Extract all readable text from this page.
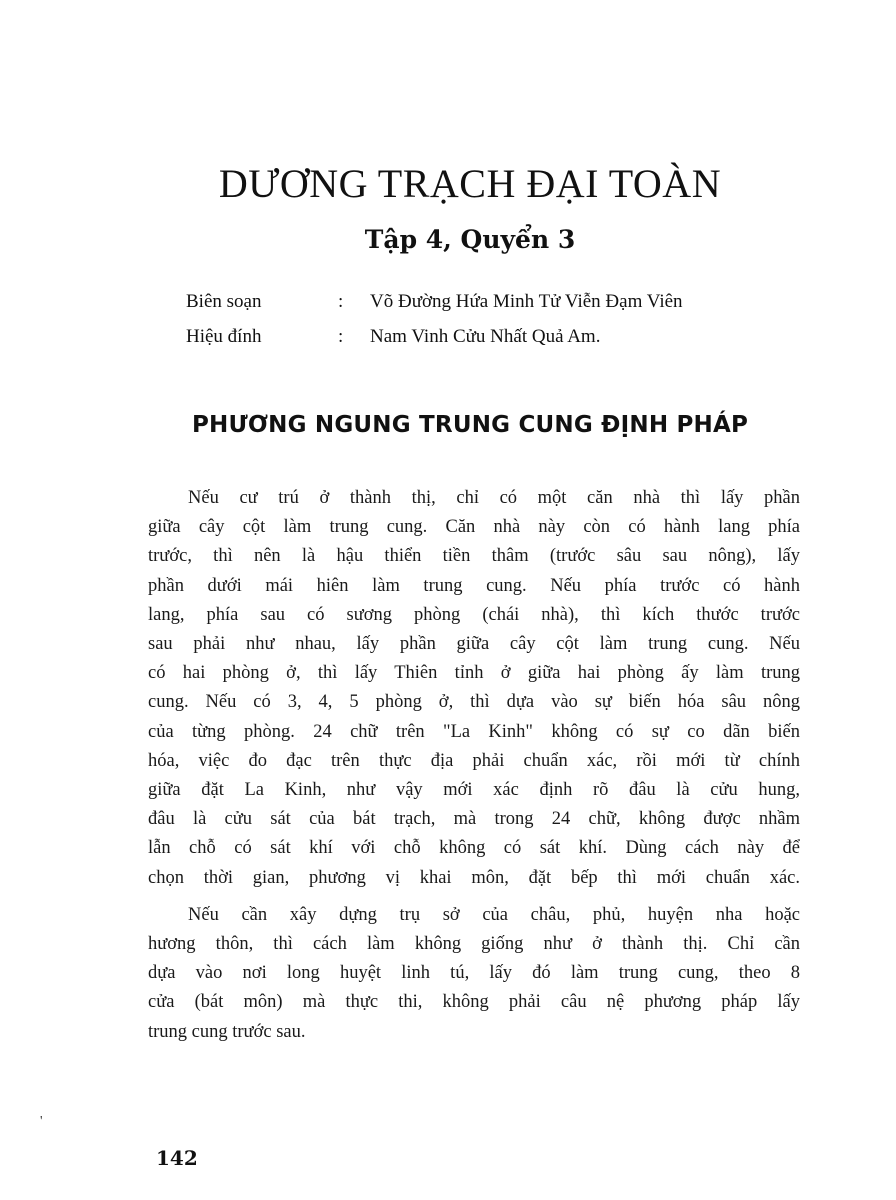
DƯƠNG TRẠCH ĐẠI TOÀN
Tập 4, Quyển 3
Biên soạn	:	Võ Đường Hứa Minh Tử Viễn Đạm Viên
Hiệu đính	:	Nam Vinh Cửu Nhất Quả Am.
PHƯƠNG NGUNG TRUNG CUNG ĐỊNH PHÁP
Nếu cư trú ở thành thị, chỉ có một căn nhà thì lấy phần
giữa cây cột làm trung cung. Căn nhà này còn có hành lang phía
trước, thì nên là hậu thiển tiền thâm (trước sâu sau nông), lấy
phần dưới mái hiên làm trung cung. Nếu phía trước có hành
lang, phía sau có sương phòng (chái nhà), thì kích thước trước
sau phải như nhau, lấy phần giữa cây cột làm trung cung. Nếu
có hai phòng ở, thì lấy Thiên tỉnh ở giữa hai phòng ấy làm trung
cung. Nếu có 3, 4, 5 phòng ở, thì dựa vào sự biến hóa sâu nông
của từng phòng. 24 chữ trên "La Kinh" không có sự co dãn biến
hóa, việc đo đạc trên thực địa phải chuẩn xác, rồi mới từ chính
giữa đặt La Kinh, như vậy mới xác định rõ đâu là cửu hung,
đâu là cửu sát của bát trạch, mà trong 24 chữ, không được nhầm
lẫn chỗ có sát khí với chỗ không có sát khí. Dùng cách này để
chọn thời gian, phương vị khai môn, đặt bếp thì mới chuẩn xác.
Nếu cần xây dựng trụ sở của châu, phủ, huyện nha hoặc
hương thôn, thì cách làm không giống như ở thành thị. Chỉ cần
dựa vào nơi long huyệt linh tú, lấy đó làm trung cung, theo 8
cửa (bát môn) mà thực thi, không phải câu nệ phương pháp lấy
trung cung trước sau.
'
142
